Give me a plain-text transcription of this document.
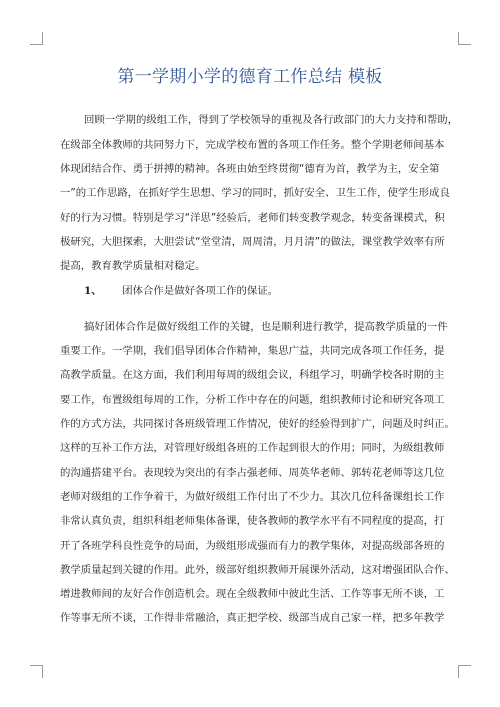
第一学期小学的德育工作总结 模板
回顾一学期的级组工作，得到了学校领导的重视及各行政部门的大力支持和帮助，
在级部全体教师的共同努力下，完成学校布置的各项工作任务。整个学期老师间基本
体现团结合作、勇于拼搏的精神。各班由始至终贯彻“德育为首，教学为主，安全第
一”的工作思路，在抓好学生思想、学习的同时，抓好安全、卫生工作，使学生形成良
好的行为习惯。特别是学习“洋思”经验后，老师们转变教学观念，转变备课模式，积
极研究，大胆探索，大胆尝试“堂堂清，周周清，月月清”的做法，课堂教学效率有所
提高，教育教学质量相对稳定。
1、 团体合作是做好各项工作的保证。
搞好团体合作是做好级组工作的关键，也是顺利进行教学，提高教学质量的一件
重要工作。一学期，我们倡导团体合作精神，集思广益，共同完成各项工作任务，提
高教学质量。在这方面，我们利用每周的级组会议，科组学习，明确学校各时期的主
要工作，布置级组每周的工作，分析工作中存在的问题，组织教师讨论和研究各项工
作的方式方法，共同探讨各班级管理工作情况，使好的经验得到扩广，问题及时纠正。
这样的互补工作方法，对管理好级组各班的工作起到很大的作用；同时，为级组教师
的沟通搭建平台。表现较为突出的有李占强老师、周英华老师、郭转花老师等这几位
老师对级组的工作争着干，为做好级组工作付出了不少力。其次几位科备课组长工作
非常认真负责，组织科组老师集体备课，使各教师的教学水平有不同程度的提高，打
开了各班学科良性竞争的局面，为级组形成强而有力的教学集体，对提高级部各班的
教学质量起到关键的作用。此外，级部好组织教师开展课外活动，这对增强团队合作、
增进教师间的友好合作创造机会。现在全级教师中彼此生活、工作等事无所不谈，工
作等事无所不谈，工作得非常融洽，真正把学校、级部当成自己家一样，把多年教学
